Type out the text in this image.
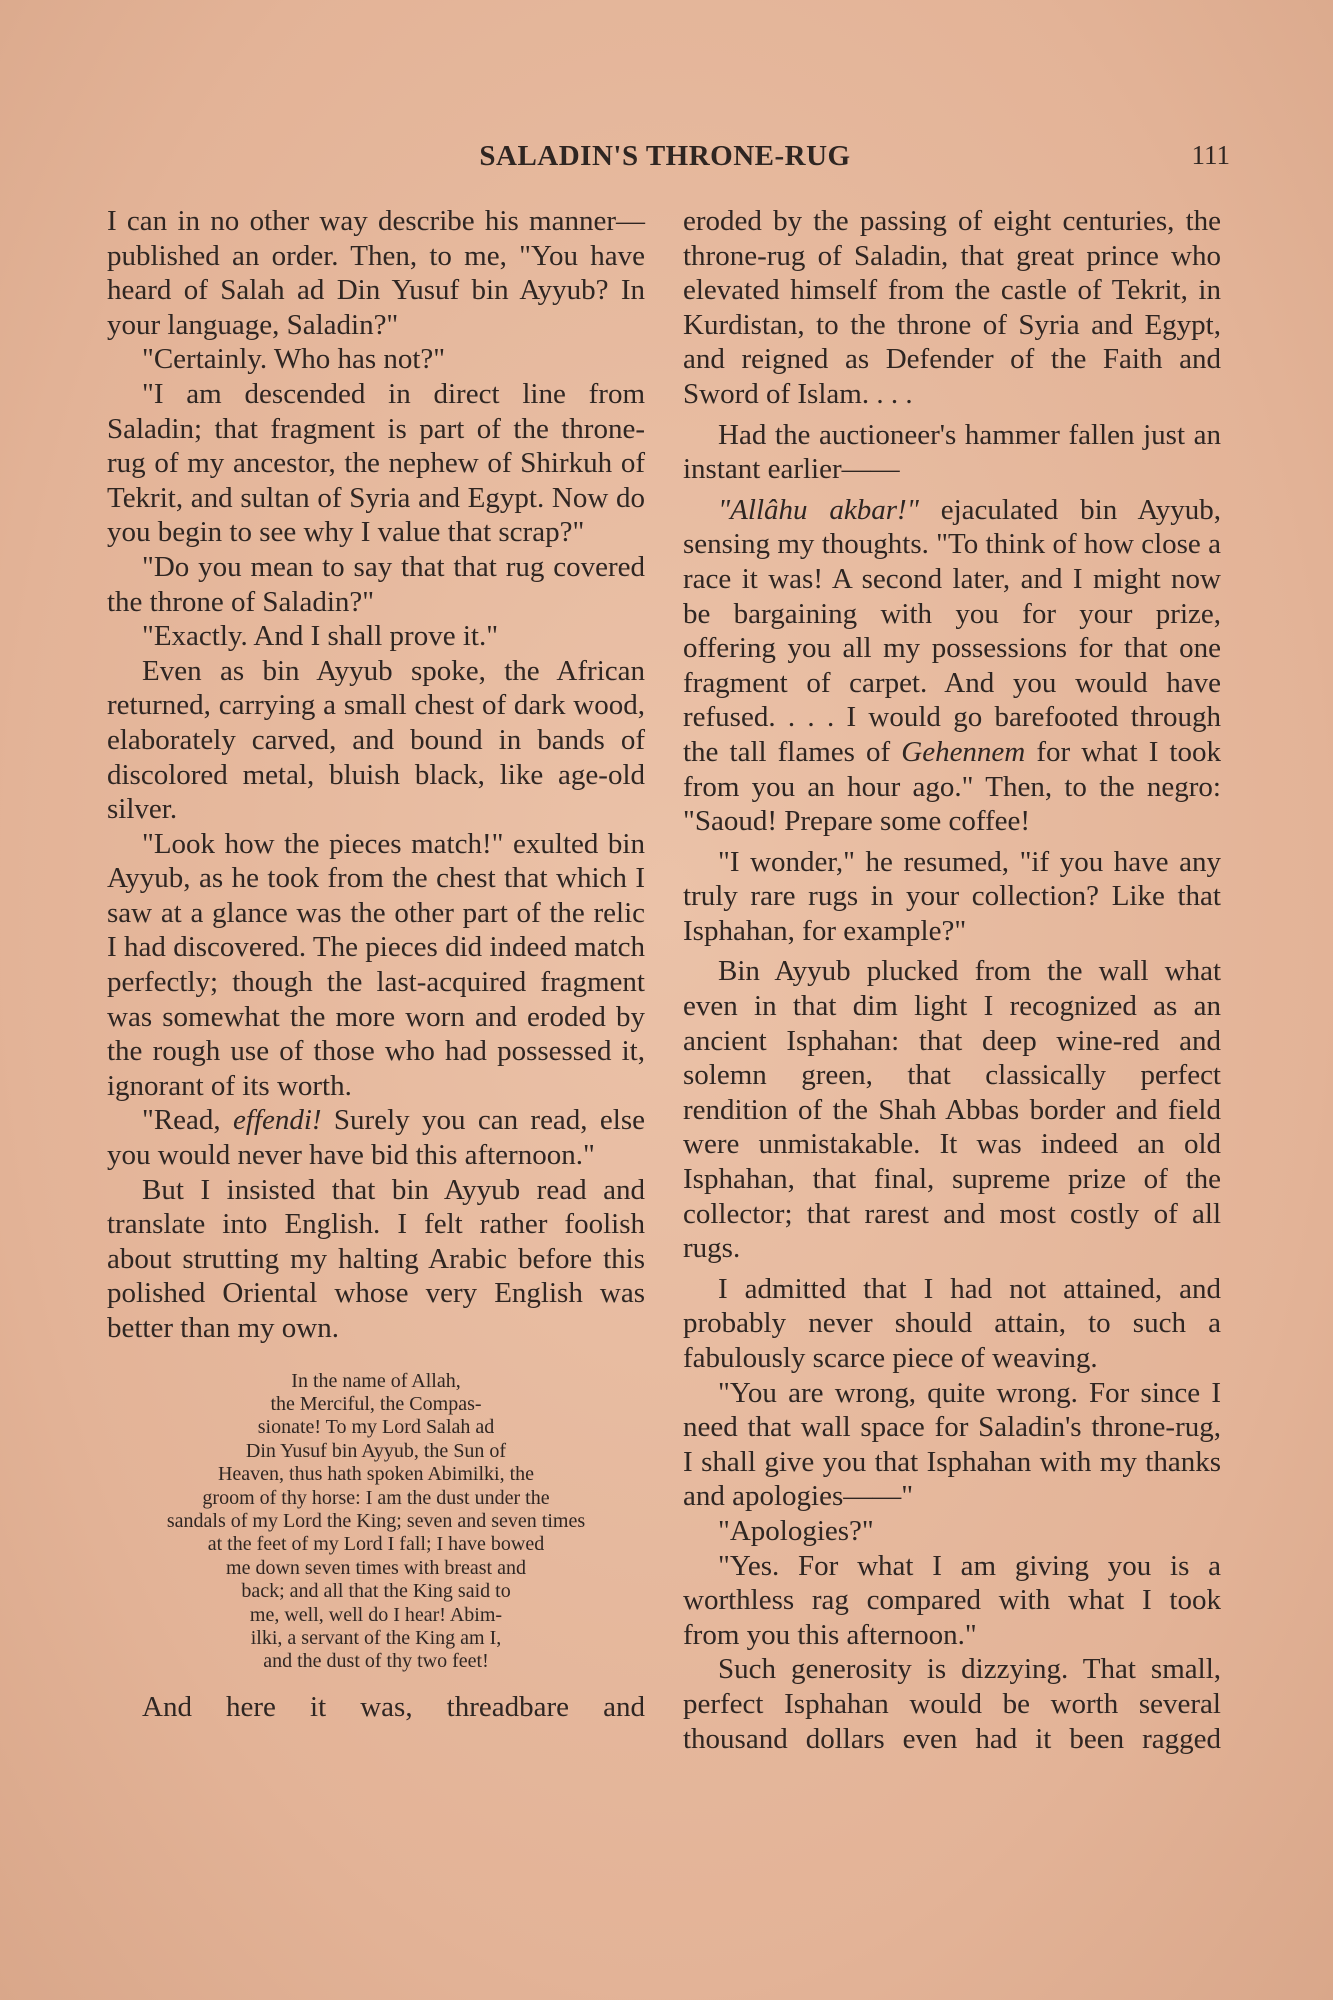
SALADIN'S THRONE-RUG	111

I can in no other way describe his manner—published an order. Then, to me, "You have heard of Salah ad Din Yusuf bin Ayyub? In your language, Saladin?"

"Certainly. Who has not?"

"I am descended in direct line from Saladin; that fragment is part of the throne-rug of my ancestor, the nephew of Shirkuh of Tekrit, and sultan of Syria and Egypt. Now do you begin to see why I value that scrap?"

"Do you mean to say that that rug covered the throne of Saladin?"

"Exactly. And I shall prove it."

Even as bin Ayyub spoke, the African returned, carrying a small chest of dark wood, elaborately carved, and bound in bands of discolored metal, bluish black, like age-old silver.

"Look how the pieces match!" exulted bin Ayyub, as he took from the chest that which I saw at a glance was the other part of the relic I had discovered. The pieces did indeed match perfectly; though the last-acquired fragment was somewhat the more worn and eroded by the rough use of those who had possessed it, ignorant of its worth.

"Read, effendi! Surely you can read, else you would never have bid this afternoon."

But I insisted that bin Ayyub read and translate into English. I felt rather foolish about strutting my halting Arabic before this polished Oriental whose very English was better than my own.

In the name of Allah,
the Merciful, the Compas-
sionate! To my Lord Salah ad
Din Yusuf bin Ayyub, the Sun of
Heaven, thus hath spoken Abimilki, the
groom of thy horse: I am the dust under the
sandals of my Lord the King; seven and seven times
at the feet of my Lord I fall; I have bowed
me down seven times with breast and
back; and all that the King said to
me, well, well do I hear! Abim-
ilki, a servant of the King am I,
and the dust of thy two feet!

And here it was, threadbare and

eroded by the passing of eight centuries, the throne-rug of Saladin, that great prince who elevated himself from the castle of Tekrit, in Kurdistan, to the throne of Syria and Egypt, and reigned as Defender of the Faith and Sword of Islam. . . .

Had the auctioneer's hammer fallen just an instant earlier——

"Allâhu akbar!" ejaculated bin Ayyub, sensing my thoughts. "To think of how close a race it was! A second later, and I might now be bargaining with you for your prize, offering you all my possessions for that one fragment of carpet. And you would have refused. . . . I would go barefooted through the tall flames of Gehennem for what I took from you an hour ago." Then, to the negro: "Saoud! Prepare some coffee!

"I wonder," he resumed, "if you have any truly rare rugs in your collection? Like that Isphahan, for example?"

Bin Ayyub plucked from the wall what even in that dim light I recognized as an ancient Isphahan: that deep wine-red and solemn green, that classically perfect rendition of the Shah Abbas border and field were unmistakable. It was indeed an old Isphahan, that final, supreme prize of the collector; that rarest and most costly of all rugs.

I admitted that I had not attained, and probably never should attain, to such a fabulously scarce piece of weaving.

"You are wrong, quite wrong. For since I need that wall space for Saladin's throne-rug, I shall give you that Isphahan with my thanks and apologies——"

"Apologies?"

"Yes. For what I am giving you is a worthless rag compared with what I took from you this afternoon."

Such generosity is dizzying. That small, perfect Isphahan would be worth several thousand dollars even had it been ragged
